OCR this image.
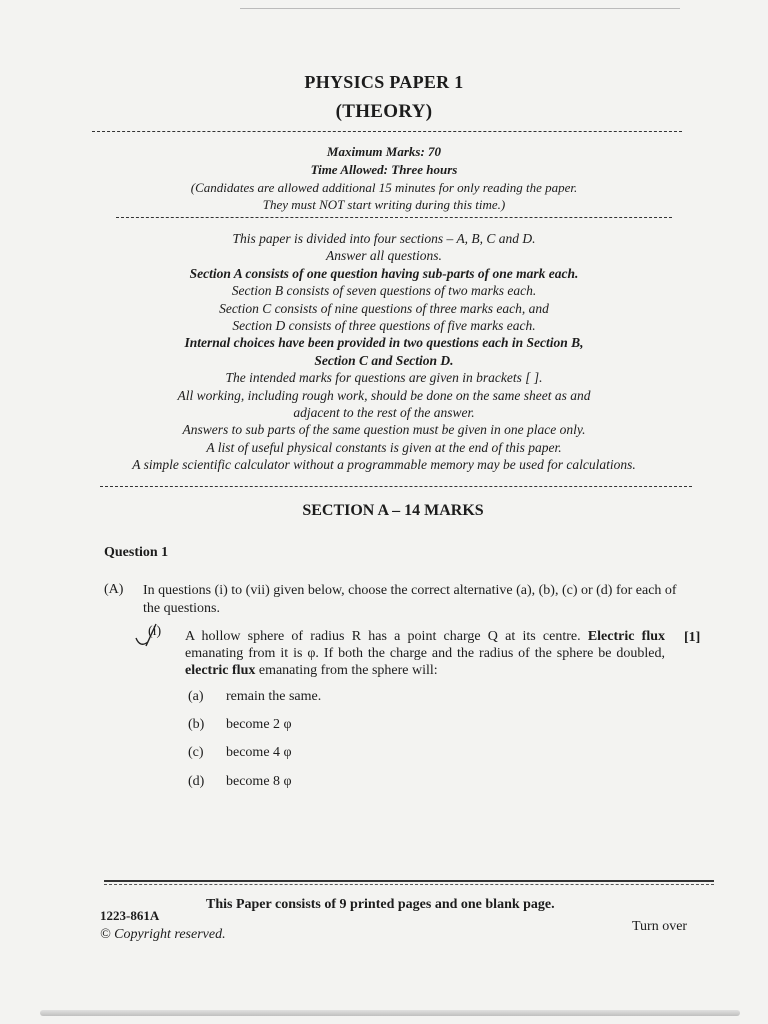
PHYSICS PAPER 1
(THEORY)
Maximum Marks: 70
Time Allowed: Three hours
(Candidates are allowed additional 15 minutes for only reading the paper.
They must NOT start writing during this time.)
This paper is divided into four sections – A, B, C and D.
Answer all questions.
Section A consists of one question having sub-parts of one mark each.
Section B consists of seven questions of two marks each.
Section C consists of nine questions of three marks each, and
Section D consists of three questions of five marks each.
Internal choices have been provided in two questions each in Section B,
Section C and Section D.
The intended marks for questions are given in brackets [ ].
All working, including rough work, should be done on the same sheet as and
adjacent to the rest of the answer.
Answers to sub parts of the same question must be given in one place only.
A list of useful physical constants is given at the end of this paper.
A simple scientific calculator without a programmable memory may be used for calculations.
SECTION A – 14 MARKS
Question 1
(A) In questions (i) to (vii) given below, choose the correct alternative (a), (b), (c) or (d) for each of the questions.
(i) A hollow sphere of radius R has a point charge Q at its centre. Electric flux emanating from it is φ. If both the charge and the radius of the sphere be doubled, electric flux emanating from the sphere will:
[1]
(a) remain the same.
(b) become 2 φ
(c) become 4 φ
(d) become 8 φ
This Paper consists of 9 printed pages and one blank page.
1223-861A
© Copyright reserved.
Turn over
